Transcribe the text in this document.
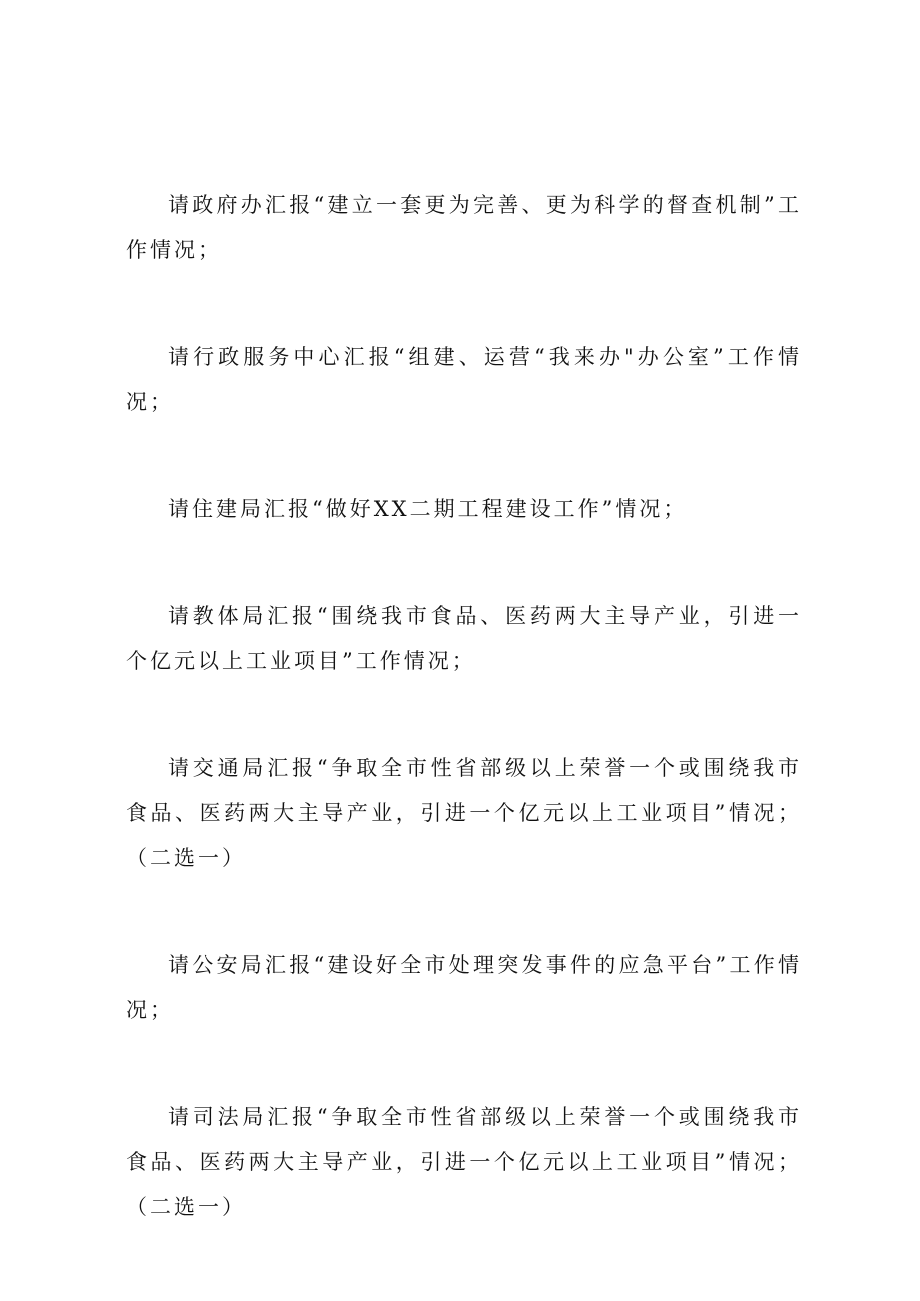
请政府办汇报“建立一套更为完善、更为科学的督查机制”工作情况；

请行政服务中心汇报“组建、运营“我来办"办公室”工作情况；

请住建局汇报“做好XX二期工程建设工作”情况；

请教体局汇报“围绕我市食品、医药两大主导产业，引进一个亿元以上工业项目”工作情况；

请交通局汇报“争取全市性省部级以上荣誉一个或围绕我市食品、医药两大主导产业，引进一个亿元以上工业项目”情况；（二选一）

请公安局汇报“建设好全市处理突发事件的应急平台”工作情况；

请司法局汇报“争取全市性省部级以上荣誉一个或围绕我市食品、医药两大主导产业，引进一个亿元以上工业项目”情况；（二选一）
